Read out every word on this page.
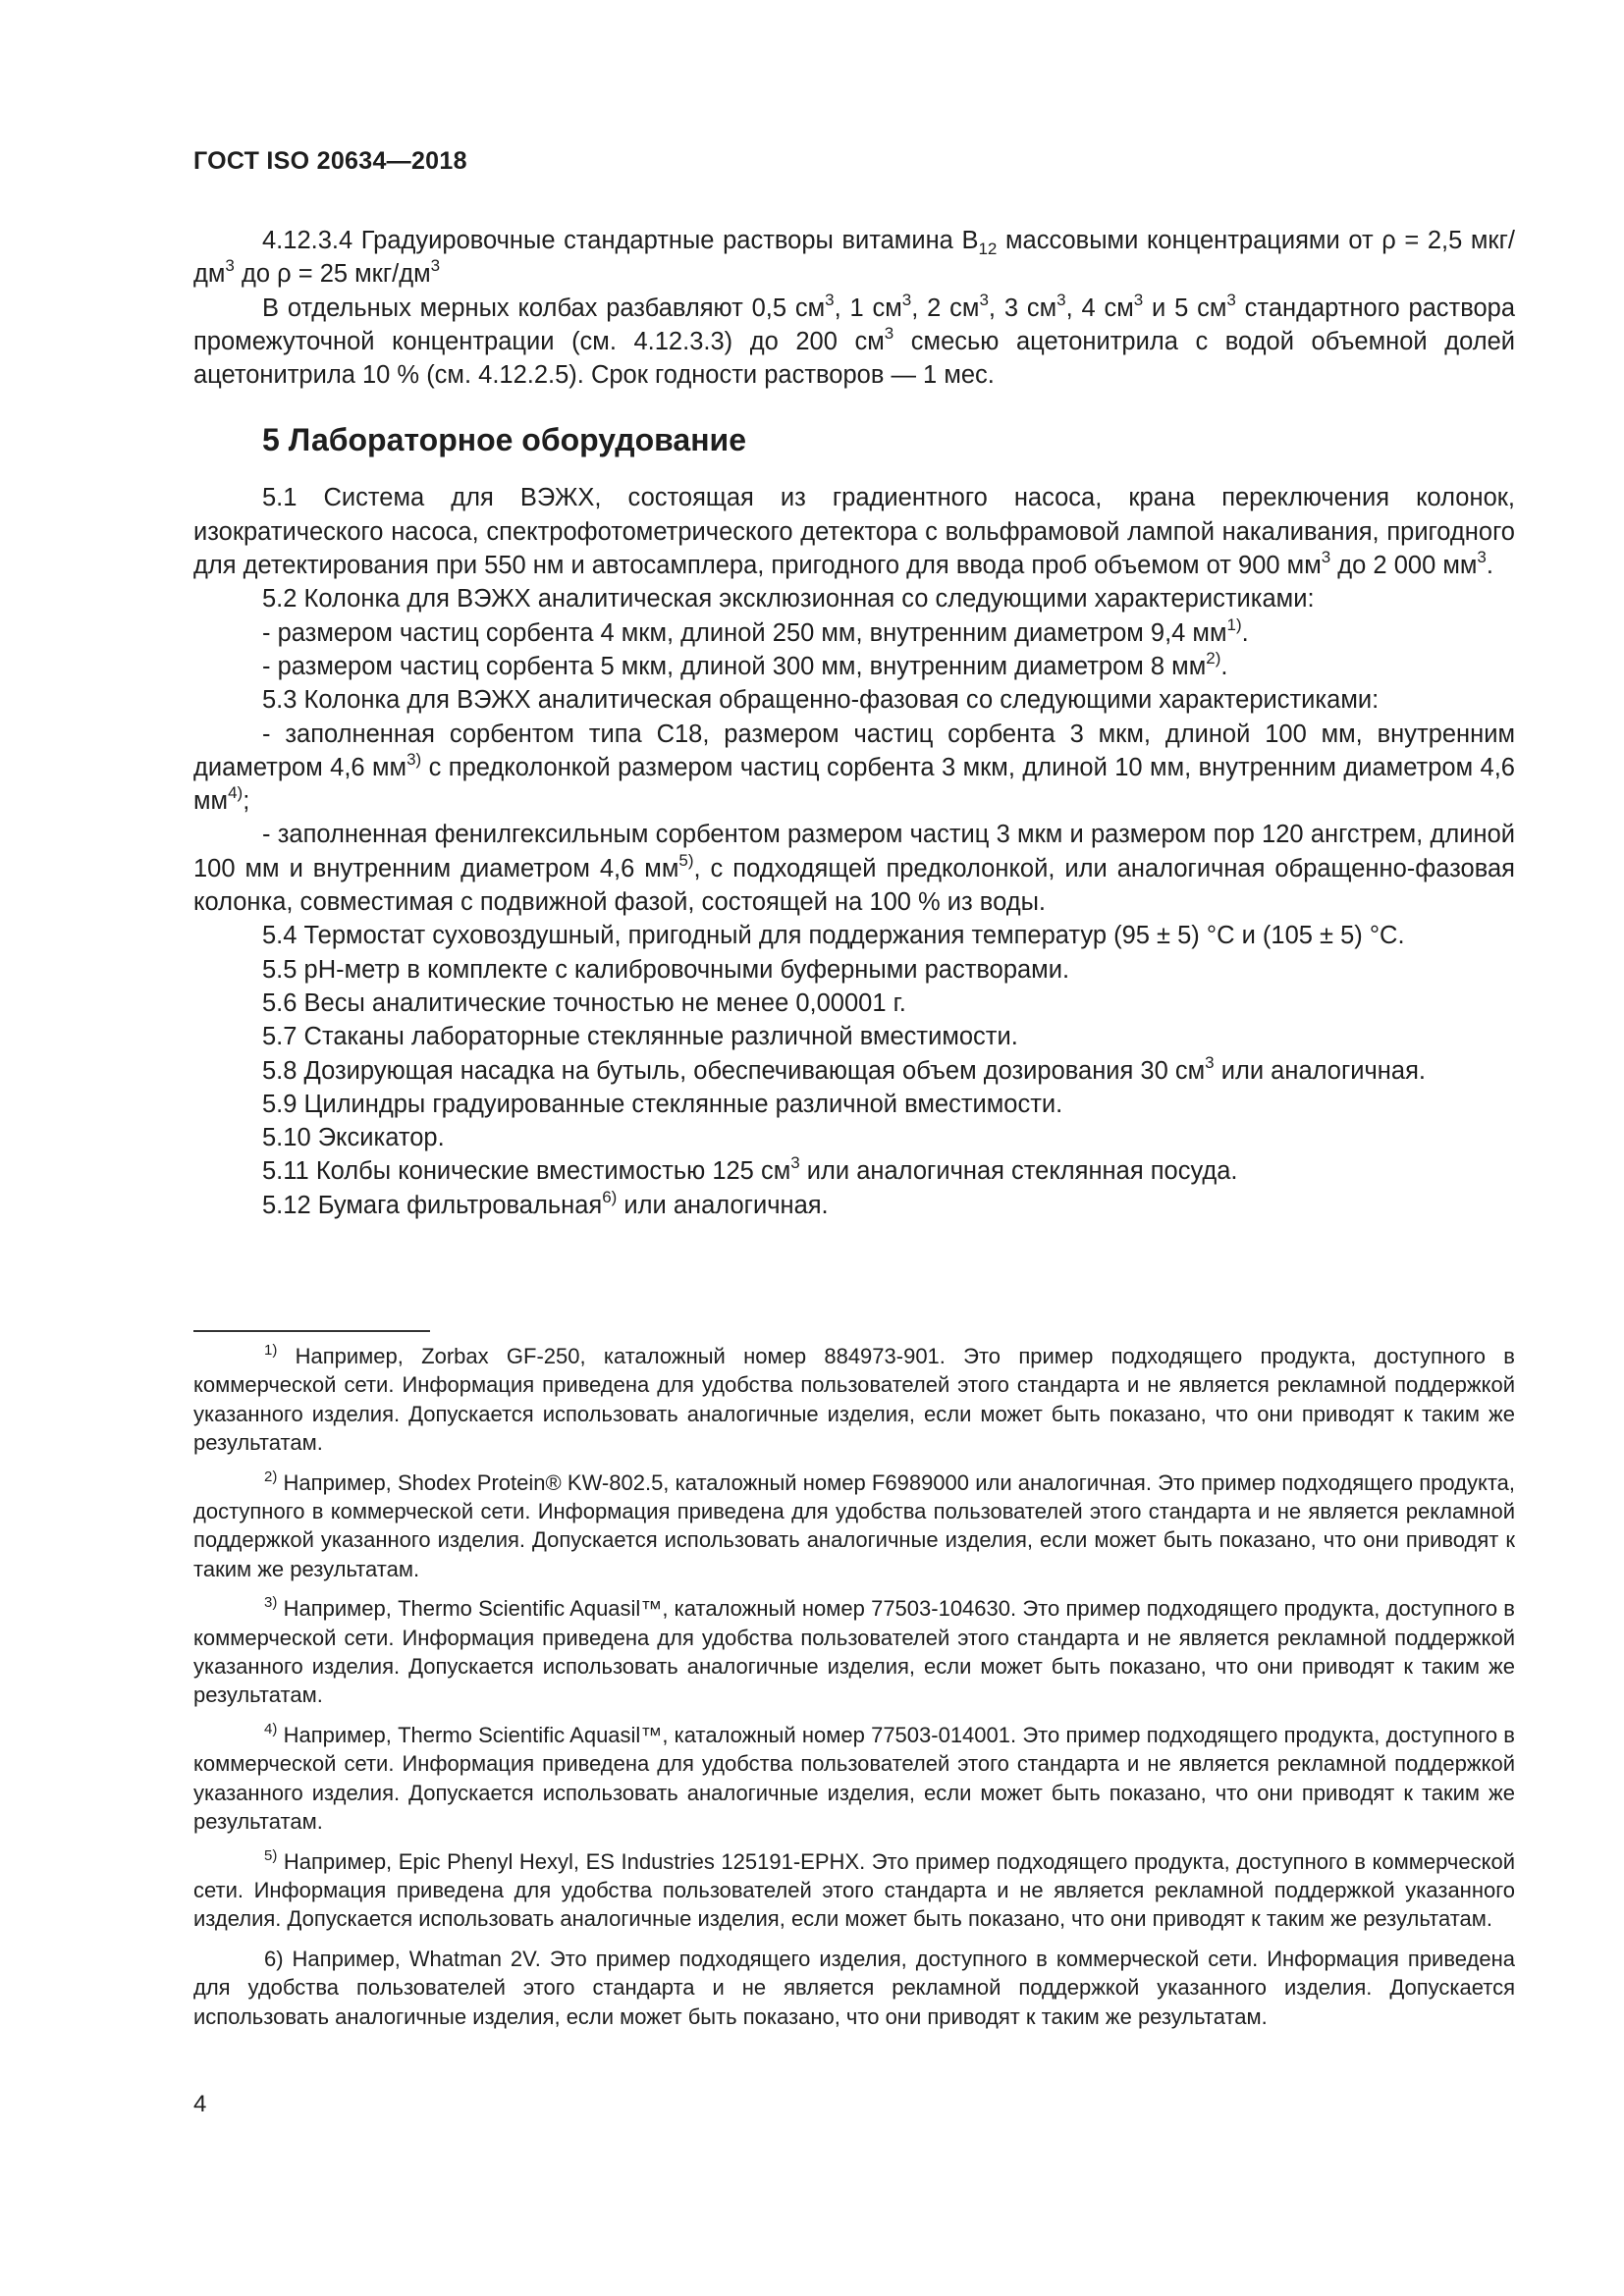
ГОСТ ISO 20634—2018

4.12.3.4 Градуировочные стандартные растворы витамина $В_{12}$ массовыми концентрациями от ρ = 2,5 мкг/$дм^3$ до ρ = 25 мкг/$дм^3$

В отдельных мерных колбах разбавляют 0,5 $см^3$, 1 $см^3$, 2 $см^3$, 3 $см^3$, 4 $см^3$ и 5 $см^3$ стандартного раствора промежуточной концентрации (см. 4.12.3.3) до 200 $см^3$ смесью ацетонитрила с водой объемной долей ацетонитрила 10 % (см. 4.12.2.5). Срок годности растворов — 1 мес.

5 Лабораторное оборудование

5.1 Система для ВЭЖХ, состоящая из градиентного насоса, крана переключения колонок, изократического насоса, спектрофотометрического детектора с вольфрамовой лампой накаливания, пригодного для детектирования при 550 нм и автосамплера, пригодного для ввода проб объемом от 900 $мм^3$ до 2 000 $мм^3$.

5.2 Колонка для ВЭЖХ аналитическая эксклюзионная со следующими характеристиками:

- размером частиц сорбента 4 мкм, длиной 250 мм, внутренним диаметром 9,4 $мм^{1)}$.

- размером частиц сорбента 5 мкм, длиной 300 мм, внутренним диаметром 8 $мм^{2)}$.

5.3 Колонка для ВЭЖХ аналитическая обращенно-фазовая со следующими характеристиками:

- заполненная сорбентом типа С18, размером частиц сорбента 3 мкм, длиной 100 мм, внутренним диаметром 4,6 $мм^{3)}$ с предколонкой размером частиц сорбента 3 мкм, длиной 10 мм, внутренним диаметром 4,6 $мм^{4)}$;

- заполненная фенилгексильным сорбентом размером частиц 3 мкм и размером пор 120 ангстрем, длиной 100 мм и внутренним диаметром 4,6 $мм^{5)}$, с подходящей предколонкой, или аналогичная обращенно-фазовая колонка, совместимая с подвижной фазой, состоящей на 100 % из воды.

5.4 Термостат суховоздушный, пригодный для поддержания температур (95 ± 5) °С и (105 ± 5) °С.

5.5 рН-метр в комплекте с калибровочными буферными растворами.

5.6 Весы аналитические точностью не менее 0,00001 г.

5.7 Стаканы лабораторные стеклянные различной вместимости.

5.8 Дозирующая насадка на бутыль, обеспечивающая объем дозирования 30 $см^3$ или аналогичная.

5.9 Цилиндры градуированные стеклянные различной вместимости.

5.10 Эксикатор.

5.11 Колбы конические вместимостью 125 $см^3$ или аналогичная стеклянная посуда.

5.12 Бумага фильтровальная$^{6)}$ или аналогичная.

$^{1)}$ Например, Zorbax GF-250, каталожный номер 884973-901. Это пример подходящего продукта, доступного в коммерческой сети. Информация приведена для удобства пользователей этого стандарта и не является рекламной поддержкой указанного изделия. Допускается использовать аналогичные изделия, если может быть показано, что они приводят к таким же результатам.

$^{2)}$ Например, Shodex Protein® KW-802.5, каталожный номер F6989000 или аналогичная. Это пример подходящего продукта, доступного в коммерческой сети. Информация приведена для удобства пользователей этого стандарта и не является рекламной поддержкой указанного изделия. Допускается использовать аналогичные изделия, если может быть показано, что они приводят к таким же результатам.

$^{3)}$ Например, Thermo Scientific Aquasil™, каталожный номер 77503-104630. Это пример подходящего продукта, доступного в коммерческой сети. Информация приведена для удобства пользователей этого стандарта и не является рекламной поддержкой указанного изделия. Допускается использовать аналогичные изделия, если может быть показано, что они приводят к таким же результатам.

$^{4)}$ Например, Thermo Scientific Aquasil™, каталожный номер 77503-014001. Это пример подходящего продукта, доступного в коммерческой сети. Информация приведена для удобства пользователей этого стандарта и не является рекламной поддержкой указанного изделия. Допускается использовать аналогичные изделия, если может быть показано, что они приводят к таким же результатам.

$^{5)}$ Например, Epic Phenyl Hexyl, ES Industries 125191-EPHX. Это пример подходящего продукта, доступного в коммерческой сети. Информация приведена для удобства пользователей этого стандарта и не является рекламной поддержкой указанного изделия. Допускается использовать аналогичные изделия, если может быть показано, что они приводят к таким же результатам.

6) Например, Whatman 2V. Это пример подходящего изделия, доступного в коммерческой сети. Информация приведена для удобства пользователей этого стандарта и не является рекламной поддержкой указанного изделия. Допускается использовать аналогичные изделия, если может быть показано, что они приводят к таким же результатам.

4
